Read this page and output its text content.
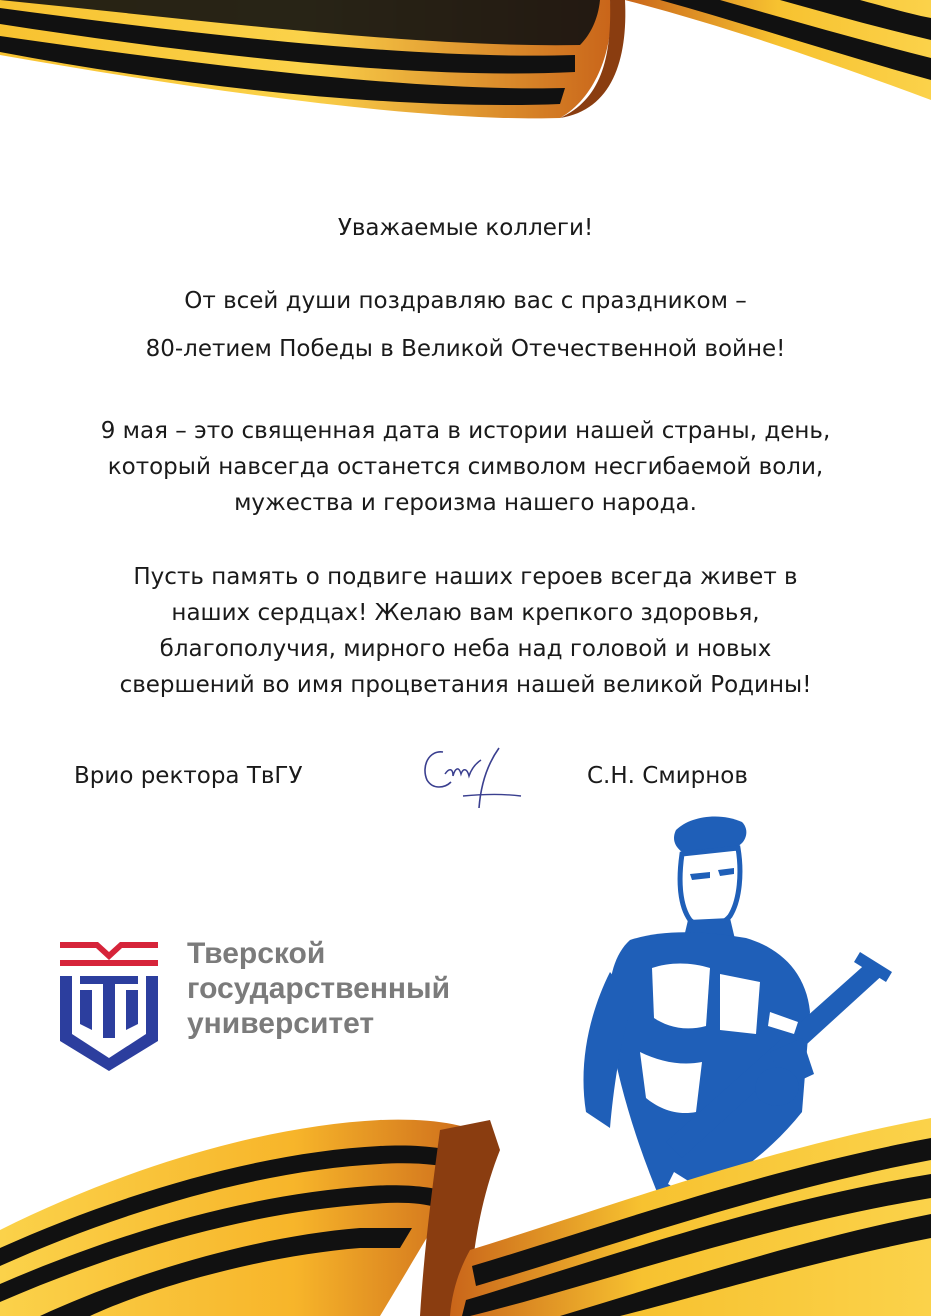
Уважаемые коллеги!
От всей души поздравляю вас с праздником –
80-летием Победы в Великой Отечественной войне!
9 мая – это священная дата в истории нашей страны, день,
который навсегда останется символом несгибаемой воли,
мужества и героизма нашего народа.
Пусть память о подвиге наших героев всегда живет в
наших сердцах! Желаю вам крепкого здоровья,
благополучия, мирного неба над головой и новых
свершений во имя процветания нашей великой Родины!
Врио ректора ТвГУ	С.Н. Смирнов
Тверской
государственный
университет
